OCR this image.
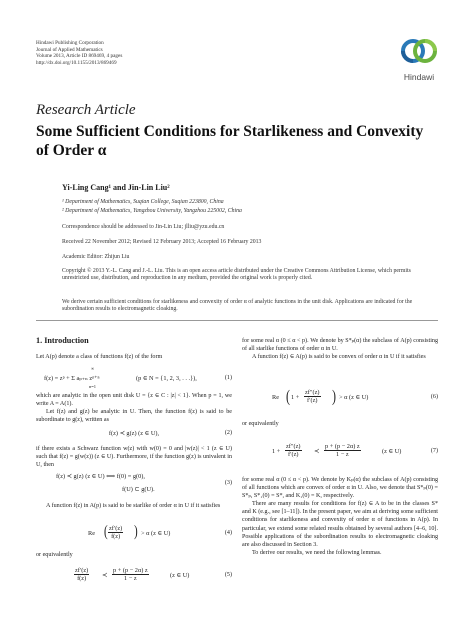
Hindawi Publishing Corporation
Journal of Applied Mathematics
Volume 2013, Article ID 869469, 4 pages
http://dx.doi.org/10.1155/2013/869469
Hindawi
Research Article
Some Sufficient Conditions for Starlikeness and Convexity of Order α
Yi-Ling Cang¹ and Jin-Lin Liu²
¹ Department of Mathematics, Suqian College, Suqian 223800, China
² Department of Mathematics, Yangzhou University, Yangzhou 225002, China
Correspondence should be addressed to Jin-Lin Liu; jlliu@yzu.edu.cn
Received 22 November 2012; Revised 12 February 2013; Accepted 16 February 2013
Academic Editor: Zhijun Liu
Copyright © 2013 Y.-L. Cang and J.-L. Liu. This is an open access article distributed under the Creative Commons Attribution License, which permits unrestricted use, distribution, and reproduction in any medium, provided the original work is properly cited.
We derive certain sufficient conditions for starlikeness and convexity of order α of analytic functions in the unit disk. Applications are indicated for the subordination results to electromagnetic cloaking.
1. Introduction

Let A(p) denote a class of functions f(z) of the form

f(z) = zᵖ + Σ aₚ₊ₙ zᵖ⁺ⁿ
∞
n=1
(p ∈ N = {1, 2, 3, . . .}),	(1)

which are analytic in the open unit disk U = {z ∈ C : |z| < 1}. When p = 1, we write A = A(1).

Let f(z) and g(z) be analytic in U. Then, the function f(z) is said to be subordinate to g(z), written as

f(z) ≺ g(z) (z ∈ U),	(2)

if there exists a Schwarz function w(z) with w(0) = 0 and |w(z)| < 1 (z ∈ U) such that f(z) = g(w(z)) (z ∈ U). Furthermore, if the function g(z) is univalent in U, then

f(z) ≺ g(z) (z ∈ U) ⟺ f(0) = g(0),
f(U) ⊂ g(U).
(3)

A function f(z) in A(p) is said to be starlike of order α in U if it satisfies

Re ( $\frac{zf'(z)}{f(z)}$ ) > α (z ∈ U)	(4)

or equivalently

$\frac{zf'(z)}{f(z)}$ ≺ $\frac{p + (p - 2\alpha) z}{1 - z}$	(z ∈ U)	(5)

for some real α (0 ≤ α < p). We denote by S*ₚ(α) the subclass of A(p) consisting of all starlike functions of order α in U.

A function f(z) ∈ A(p) is said to be convex of order α in U if it satisfies

Re ( $1 + \frac{zf''(z)}{f'(z)}$ ) > α (z ∈ U)	(6)

or equivalently

$1 + \frac{zf''(z)}{f'(z)}$ ≺ $\frac{p + (p - 2\alpha) z}{1 - z}$	(z ∈ U)	(7)

for some real α (0 ≤ α < p). We denote by Kₚ(α) the subclass of A(p) consisting of all functions which are convex of order α in U. Also, we denote that S*ₚ(0) = S*ₚ, S*₁(0) = S*, and K₁(0) = K, respectively.

There are many results for conditions for f(z) ∈ A to be in the classes S* and K (e.g., see [1–11]). In the present paper, we aim at deriving some sufficient conditions for starlikeness and convexity of order α of functions in A(p). In particular, we extend some related results obtained by several authors [4–6, 10]. Possible applications of the subordination results to electromagnetic cloaking are also discussed in Section 3.

To derive our results, we need the following lemmas.
